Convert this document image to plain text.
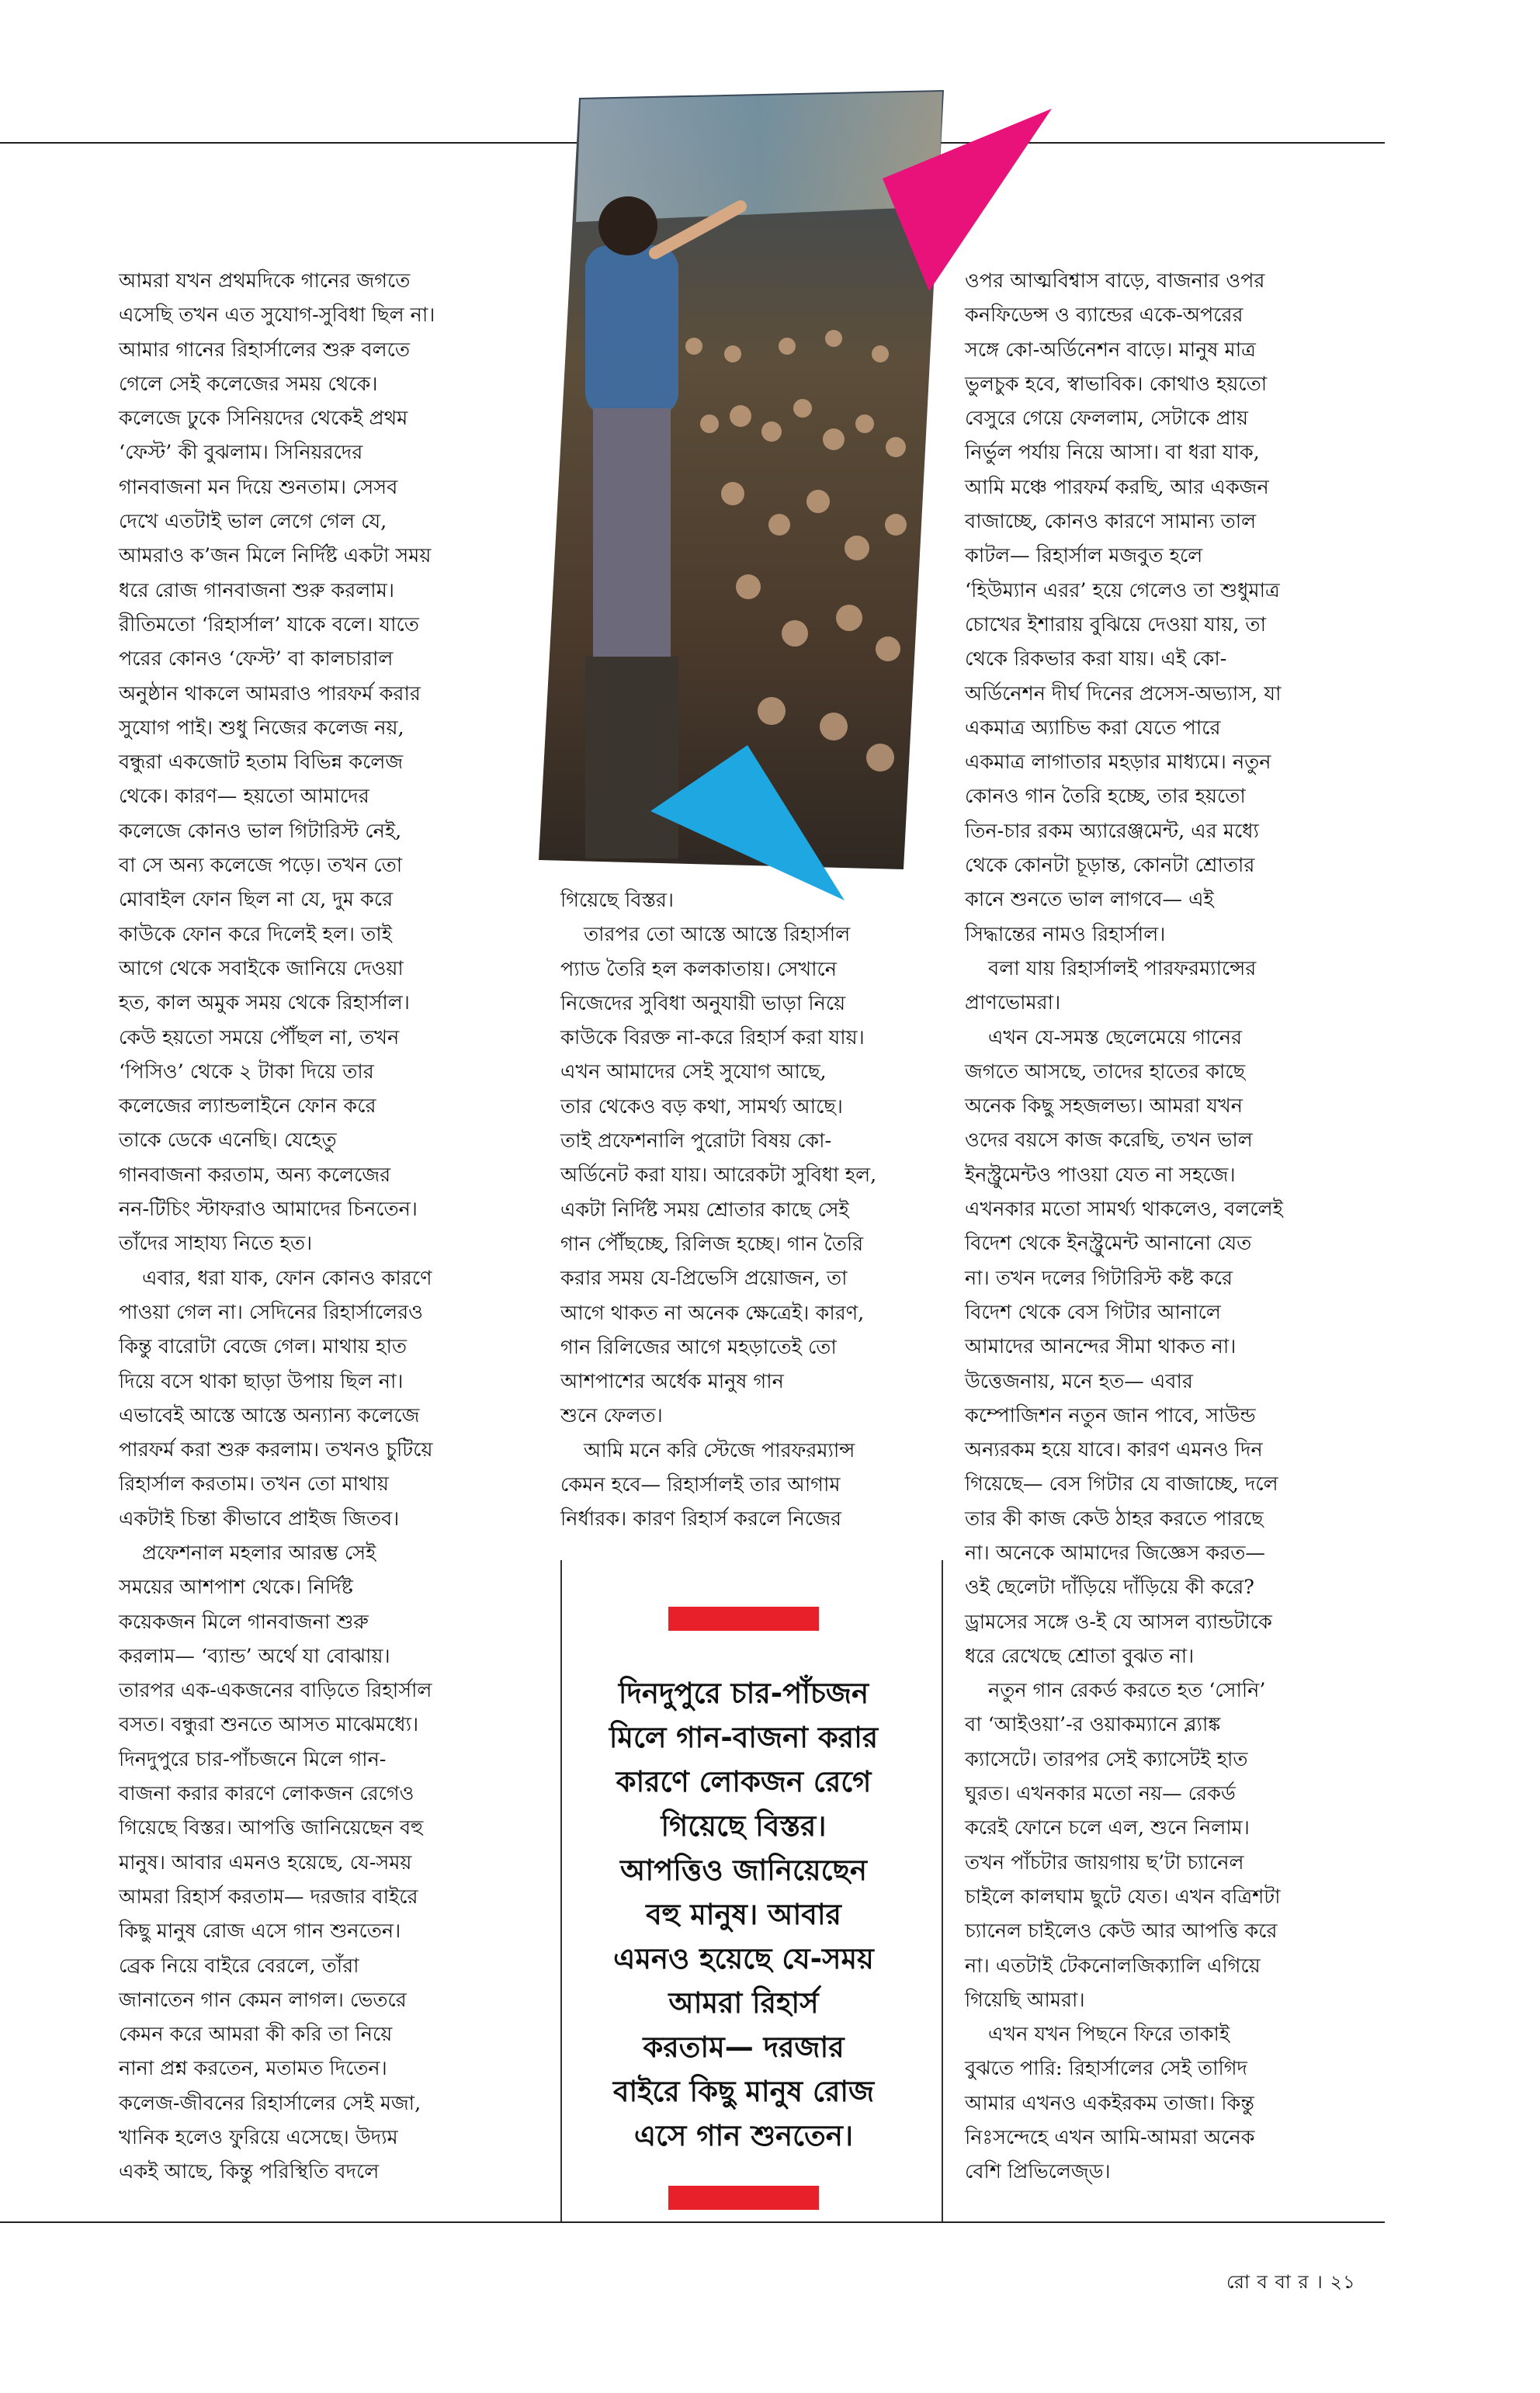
আমরা যখন প্রথমদিকে গানের জগতে

এসেছি তখন এত সুযোগ-সুবিধা ছিল না।

আমার গানের রিহার্সালের শুরু বলতে

গেলে সেই কলেজের সময় থেকে।

কলেজে ঢুকে সিনিয়দের থেকেই প্রথম

‘ফেস্ট’ কী বুঝলাম। সিনিয়রদের

গানবাজনা মন দিয়ে শুনতাম। সেসব

দেখে এতটাই ভাল লেগে গেল যে,

আমরাও ক’জন মিলে নির্দিষ্ট একটা সময়

ধরে রোজ গানবাজনা শুরু করলাম।

রীতিমতো ‘রিহার্সাল’ যাকে বলে। যাতে

পরের কোনও ‘ফেস্ট’ বা কালচারাল

অনুষ্ঠান থাকলে আমরাও পারফর্ম করার

সুযোগ পাই। শুধু নিজের কলেজ নয়,

বন্ধুরা একজোট হতাম বিভিন্ন কলেজ

থেকে। কারণ— হয়তো আমাদের

কলেজে কোনও ভাল গিটারিস্ট নেই,

বা সে অন্য কলেজে পড়ে। তখন তো

মোবাইল ফোন ছিল না যে, দুম করে

কাউকে ফোন করে দিলেই হল। তাই

আগে থেকে সবাইকে জানিয়ে দেওয়া

হত, কাল অমুক সময় থেকে রিহার্সাল।

কেউ হয়তো সময়ে পৌঁছল না, তখন

‘পিসিও’ থেকে ২ টাকা দিয়ে তার

কলেজের ল্যান্ডলাইনে ফোন করে

তাকে ডেকে এনেছি। যেহেতু

গানবাজনা করতাম, অন্য কলেজের

নন-টিচিং স্টাফরাও আমাদের চিনতেন।

তাঁদের সাহায্য নিতে হত।

এবার, ধরা যাক, ফোন কোনও কারণে

পাওয়া গেল না। সেদিনের রিহার্সালেরও

কিন্তু বারোটা বেজে গেল। মাথায় হাত

দিয়ে বসে থাকা ছাড়া উপায় ছিল না।

এভাবেই আস্তে আস্তে অন্যান্য কলেজে

পারফর্ম করা শুরু করলাম। তখনও চুটিয়ে

রিহার্সাল করতাম। তখন তো মাথায়

একটাই চিন্তা কীভাবে প্রাইজ জিতব।

প্রফেশনাল মহলার আরম্ভ সেই

সময়ের আশপাশ থেকে। নির্দিষ্ট

কয়েকজন মিলে গানবাজনা শুরু

করলাম— ‘ব্যান্ড’ অর্থে যা বোঝায়।

তারপর এক-একজনের বাড়িতে রিহার্সাল

বসত। বন্ধুরা শুনতে আসত মাঝেমধ্যে।

দিনদুপুরে চার-পাঁচজনে মিলে গান-

বাজনা করার কারণে লোকজন রেগেও

গিয়েছে বিস্তর। আপত্তি জানিয়েছেন বহু

মানুষ। আবার এমনও হয়েছে, যে-সময়

আমরা রিহার্স করতাম— দরজার বাইরে

কিছু মানুষ রোজ এসে গান শুনতেন।

ব্রেক নিয়ে বাইরে বেরলে, তাঁরা

জানাতেন গান কেমন লাগল। ভেতরে

কেমন করে আমরা কী করি তা নিয়ে

নানা প্রশ্ন করতেন, মতামত দিতেন।

কলেজ-জীবনের রিহার্সালের সেই মজা,

খানিক হলেও ফুরিয়ে এসেছে। উদ্যম

একই আছে, কিন্তু পরিস্থিতি বদলে

গিয়েছে বিস্তর।

তারপর তো আস্তে আস্তে রিহার্সাল

প্যাড তৈরি হল কলকাতায়। সেখানে

নিজেদের সুবিধা অনুযায়ী ভাড়া নিয়ে

কাউকে বিরক্ত না-করে রিহার্স করা যায়।

এখন আমাদের সেই সুযোগ আছে,

তার থেকেও বড় কথা, সামর্থ্য আছে।

তাই প্রফেশনালি পুরোটা বিষয় কো-

অর্ডিনেট করা যায়। আরেকটা সুবিধা হল,

একটা নির্দিষ্ট সময় শ্রোতার কাছে সেই

গান পৌঁছচ্ছে, রিলিজ হচ্ছে। গান তৈরি

করার সময় যে-প্রিভেসি প্রয়োজন, তা

আগে থাকত না অনেক ক্ষেত্রেই। কারণ,

গান রিলিজের আগে মহড়াতেই তো

আশপাশের অর্ধেক মানুষ গান

শুনে ফেলত।

আমি মনে করি স্টেজে পারফরম্যান্স

কেমন হবে— রিহার্সালই তার আগাম

নির্ধারক। কারণ রিহার্স করলে নিজের

ওপর আত্মবিশ্বাস বাড়ে, বাজনার ওপর

কনফিডেন্স ও ব্যান্ডের একে-অপরের

সঙ্গে কো-অর্ডিনেশন বাড়ে। মানুষ মাত্র

ভুলচুক হবে, স্বাভাবিক। কোথাও হয়তো

বেসুরে গেয়ে ফেললাম, সেটাকে প্রায়

নির্ভুল পর্যায় নিয়ে আসা। বা ধরা যাক,

আমি মঞ্চে পারফর্ম করছি, আর একজন

বাজাচ্ছে, কোনও কারণে সামান্য তাল

কাটল— রিহার্সাল মজবুত হলে

‘হিউম্যান এরর’ হয়ে গেলেও তা শুধুমাত্র

চোখের ইশারায় বুঝিয়ে দেওয়া যায়, তা

থেকে রিকভার করা যায়। এই কো-

অর্ডিনেশন দীর্ঘ দিনের প্রসেস-অভ্যাস, যা

একমাত্র অ্যাচিভ করা যেতে পারে

একমাত্র লাগাতার মহড়ার মাধ্যমে। নতুন

কোনও গান তৈরি হচ্ছে, তার হয়তো

তিন-চার রকম অ্যারেঞ্জমেন্ট, এর মধ্যে

থেকে কোনটা চূড়ান্ত, কোনটা শ্রোতার

কানে শুনতে ভাল লাগবে— এই

সিদ্ধান্তের নামও রিহার্সাল।

বলা যায় রিহার্সালই পারফরম্যান্সের

প্রাণভোমরা।

এখন যে-সমস্ত ছেলেমেয়ে গানের

জগতে আসছে, তাদের হাতের কাছে

অনেক কিছু সহজলভ্য। আমরা যখন

ওদের বয়সে কাজ করেছি, তখন ভাল

ইনস্ট্রুমেন্টও পাওয়া যেত না সহজে।

এখনকার মতো সামর্থ্য থাকলেও, বললেই

বিদেশ থেকে ইনস্ট্রুমেন্ট আনানো যেত

না। তখন দলের গিটারিস্ট কষ্ট করে

বিদেশ থেকে বেস গিটার আনালে

আমাদের আনন্দের সীমা থাকত না।

উত্তেজনায়, মনে হত— এবার

কম্পোজিশন নতুন জান পাবে, সাউন্ড

অন্যরকম হয়ে যাবে। কারণ এমনও দিন

গিয়েছে— বেস গিটার যে বাজাচ্ছে, দলে

তার কী কাজ কেউ ঠাহর করতে পারছে

না। অনেকে আমাদের জিজ্ঞেস করত—

ওই ছেলেটা দাঁড়িয়ে দাঁড়িয়ে কী করে?

ড্রামসের সঙ্গে ও-ই যে আসল ব্যান্ডটাকে

ধরে রেখেছে শ্রোতা বুঝত না।

নতুন গান রেকর্ড করতে হত ‘সোনি’

বা ‘আইওয়া’-র ওয়াকম্যানে ব্ল্যাঙ্ক

ক্যাসেটে। তারপর সেই ক্যাসেটই হাত

ঘুরত। এখনকার মতো নয়— রেকর্ড

করেই ফোনে চলে এল, শুনে নিলাম।

তখন পাঁচটার জায়গায় ছ’টা চ্যানেল

চাইলে কালঘাম ছুটে যেত। এখন বত্রিশটা

চ্যানেল চাইলেও কেউ আর আপত্তি করে

না। এতটাই টেকনোলজিক্যালি এগিয়ে

গিয়েছি আমরা।

এখন যখন পিছনে ফিরে তাকাই

বুঝতে পারি: রিহার্সালের সেই তাগিদ

আমার এখনও একইরকম তাজা। কিন্তু

নিঃসন্দেহে এখন আমি-আমরা অনেক

বেশি প্রিভিলেজ্‌ড।

দিনদুপুরে চার-পাঁচজন
মিলে গান-বাজনা করার
কারণে লোকজন রেগে
গিয়েছে বিস্তর।
আপত্তিও জানিয়েছেন
বহু মানুষ। আবার
এমনও হয়েছে যে-সময়
আমরা রিহার্স
করতাম— দরজার
বাইরে কিছু মানুষ রোজ
এসে গান শুনতেন।
রো ব বা র । ২১
